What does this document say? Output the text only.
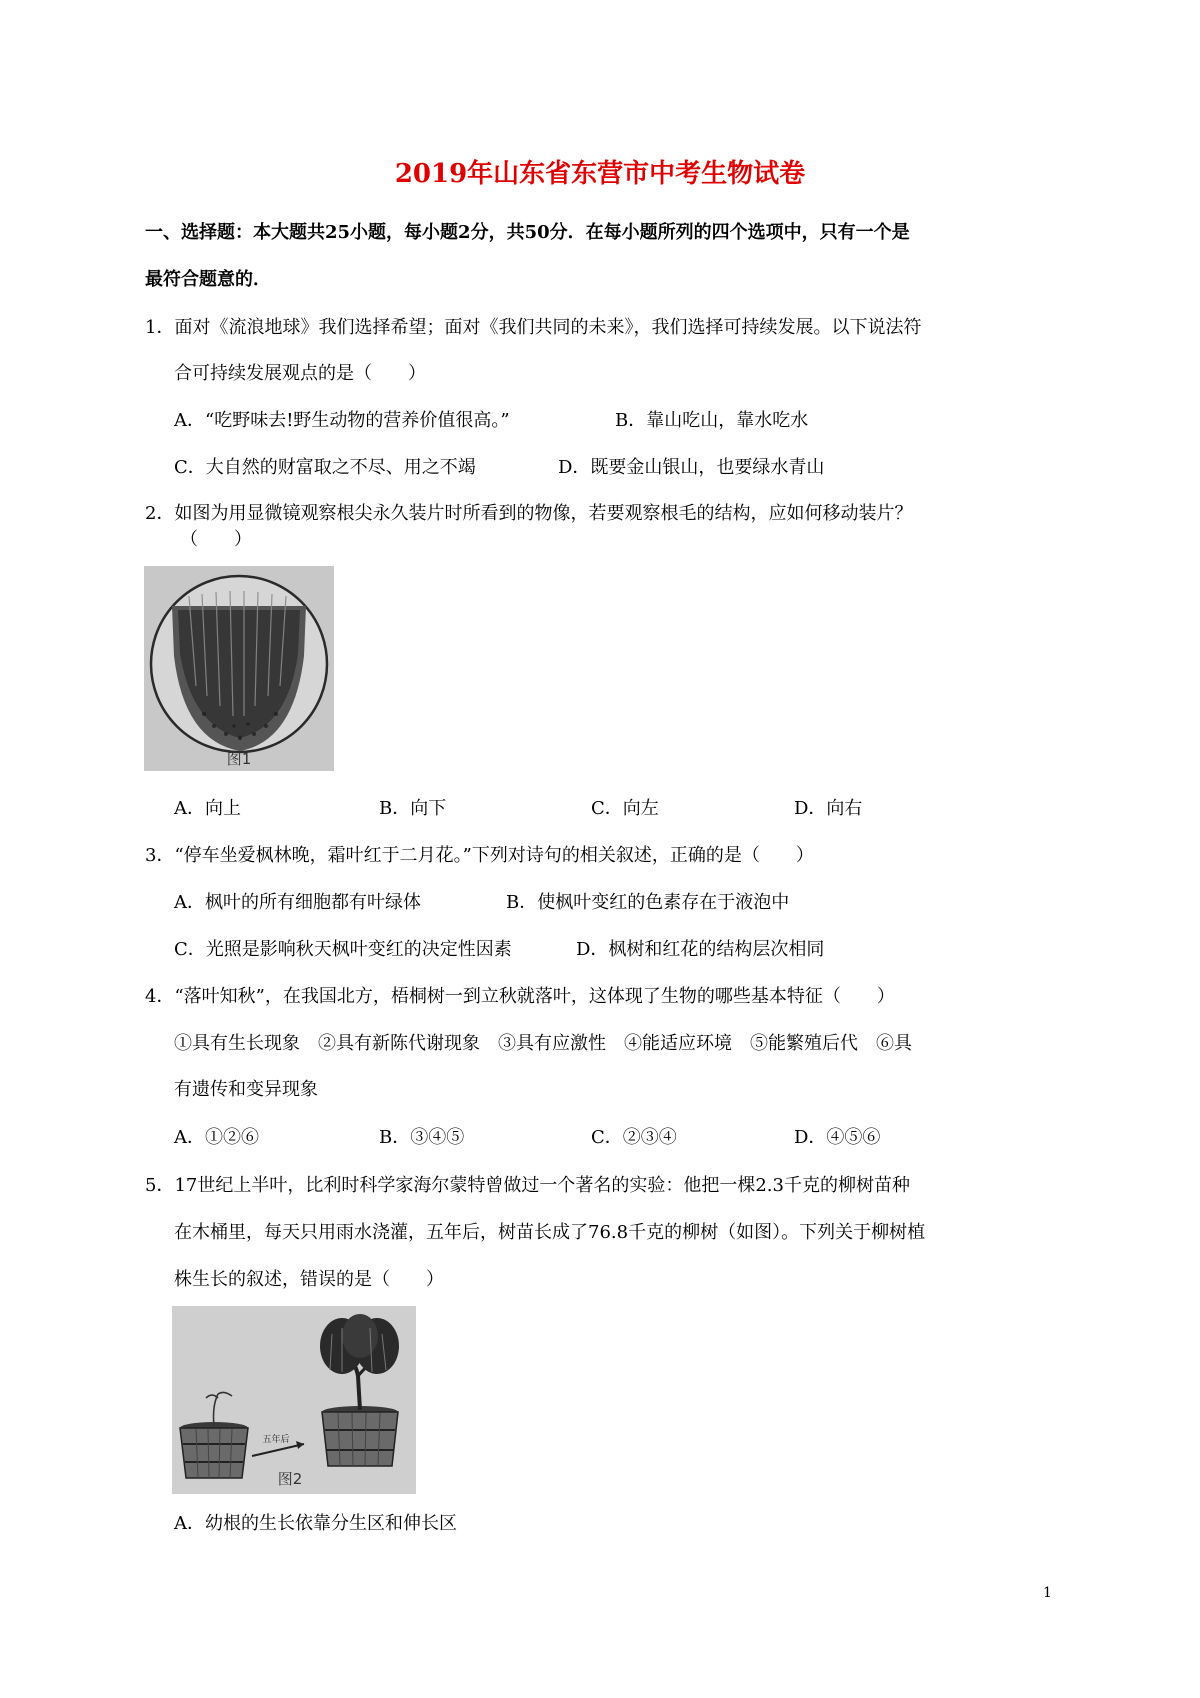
2019年山东省东营市中考生物试卷
一、选择题：本大题共25小题，每小题2分，共50分．在每小题所列的四个选项中，只有一个是
最符合题意的．
1．面对《流浪地球》我们选择希望；面对《我们共同的未来》，我们选择可持续发展。以下说法符
合可持续发展观点的是（　　）
A．“吃野味去!野生动物的营养价值很高。”	B．靠山吃山，靠水吃水
C．大自然的财富取之不尽、用之不竭	D．既要金山银山，也要绿水青山
2．如图为用显微镜观察根尖永久装片时所看到的物像，若要观察根毛的结构，应如何移动装片？
（　　）
图1
A．向上	B．向下	C．向左	D．向右
3．“停车坐爱枫林晚，霜叶红于二月花。”下列对诗句的相关叙述，正确的是（　　）
A．枫叶的所有细胞都有叶绿体	B．使枫叶变红的色素存在于液泡中
C．光照是影响秋天枫叶变红的决定性因素	D．枫树和红花的结构层次相同
4．“落叶知秋”，在我国北方，梧桐树一到立秋就落叶，这体现了生物的哪些基本特征（　　）
①具有生长现象　②具有新陈代谢现象　③具有应激性　④能适应环境　⑤能繁殖后代　⑥具
有遗传和变异现象
A．①②⑥	B．③④⑤	C．②③④	D．④⑤⑥
5．17世纪上半叶，比利时科学家海尔蒙特曾做过一个著名的实验：他把一棵2.3千克的柳树苗种
在木桶里，每天只用雨水浇灌，五年后，树苗长成了76.8千克的柳树（如图）。下列关于柳树植
株生长的叙述，错误的是（　　）
五年后
图2
A．幼根的生长依靠分生区和伸长区
1
